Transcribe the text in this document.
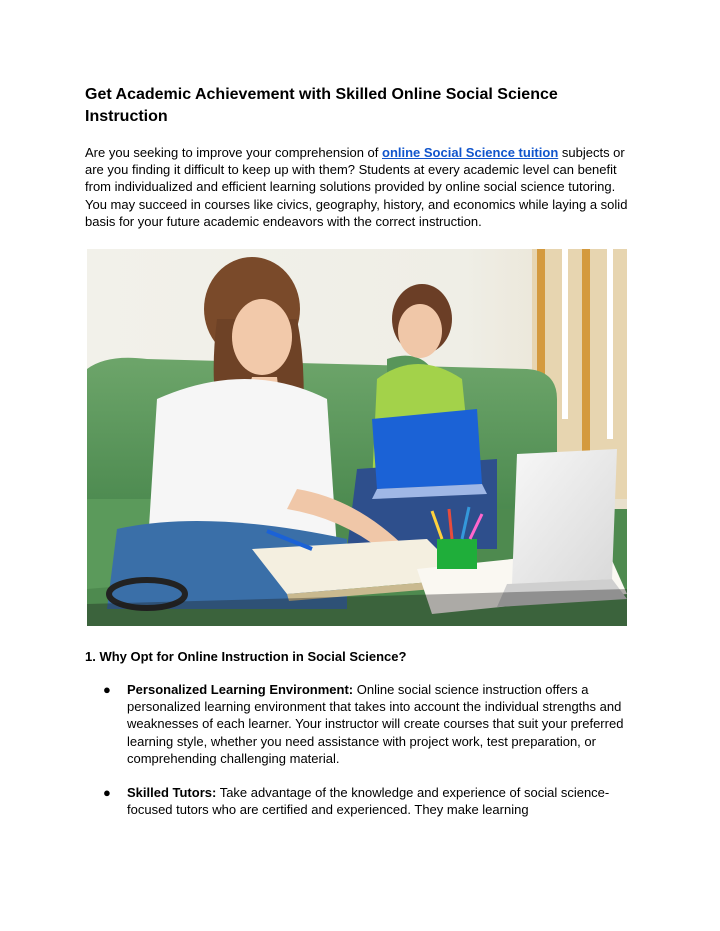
Get Academic Achievement with Skilled Online Social Science Instruction

Are you seeking to improve your comprehension of online Social Science tuition subjects or are you finding it difficult to keep up with them? Students at every academic level can benefit from individualized and efficient learning solutions provided by online social science tutoring. You may succeed in courses like civics, geography, history, and economics while laying a solid basis for your future academic endeavors with the correct instruction.

1. Why Opt for Online Instruction in Social Science?
● Personalized Learning Environment: Online social science instruction offers a personalized learning environment that takes into account the individual strengths and weaknesses of each learner. Your instructor will create courses that suit your preferred learning style, whether you need assistance with project work, test preparation, or comprehending challenging material.
● Skilled Tutors: Take advantage of the knowledge and experience of social science-focused tutors who are certified and experienced. They make learning
